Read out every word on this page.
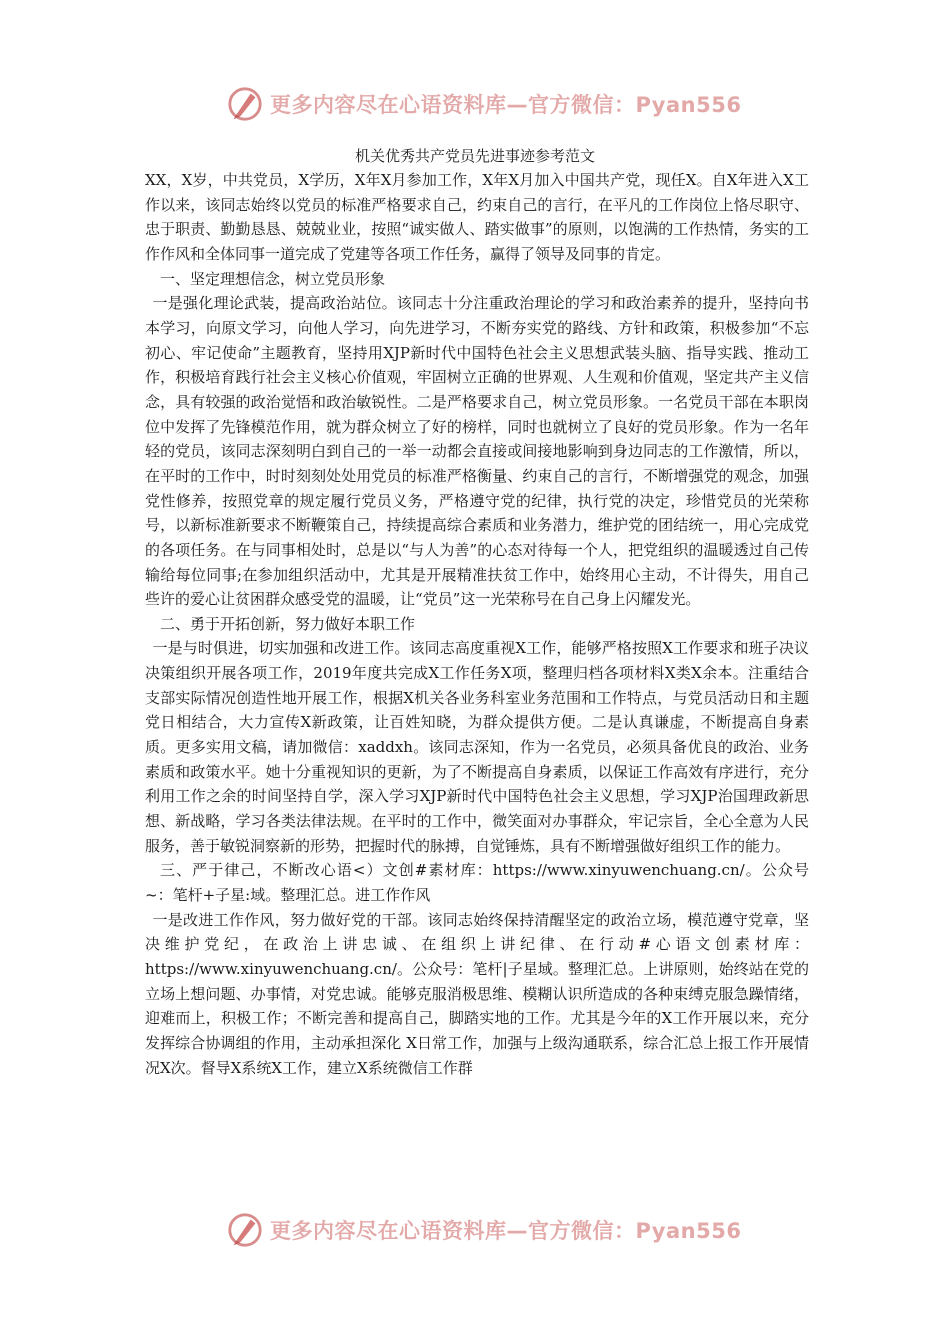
更多内容尽在心语资料库—官方微信：Pyan556
机关优秀共产党员先进事迹参考范文

XX，X岁，中共党员，X学历，X年X月参加工作，X年X月加入中国共产党，现任X。自X年进入X工作以来，该同志始终以党员的标准严格要求自己，约束自己的言行，在平凡的工作岗位上恪尽职守、忠于职责、勤勤恳恳、兢兢业业，按照“诚实做人、踏实做事”的原则，以饱满的工作热情，务实的工作作风和全体同事一道完成了党建等各项工作任务，赢得了领导及同事的肯定。

一、坚定理想信念，树立党员形象

一是强化理论武装，提高政治站位。该同志十分注重政治理论的学习和政治素养的提升，坚持向书本学习，向原文学习，向他人学习，向先进学习，不断夯实党的路线、方针和政策，积极参加“不忘初心、牢记使命”主题教育，坚持用XJP新时代中国特色社会主义思想武装头脑、指导实践、推动工作，积极培育践行社会主义核心价值观，牢固树立正确的世界观、人生观和价值观，坚定共产主义信念，具有较强的政治觉悟和政治敏锐性。二是严格要求自己，树立党员形象。一名党员干部在本职岗位中发挥了先锋模范作用，就为群众树立了好的榜样，同时也就树立了良好的党员形象。作为一名年轻的党员，该同志深刻明白到自己的一举一动都会直接或间接地影响到身边同志的工作激情，所以，在平时的工作中，时时刻刻处处用党员的标准严格衡量、约束自己的言行，不断增强党的观念，加强党性修养，按照党章的规定履行党员义务，严格遵守党的纪律，执行党的决定，珍惜党员的光荣称号，以新标准新要求不断鞭策自己，持续提高综合素质和业务潜力，维护党的团结统一，用心完成党的各项任务。在与同事相处时，总是以“与人为善”的心态对待每一个人，把党组织的温暖透过自己传输给每位同事;在参加组织活动中，尤其是开展精准扶贫工作中，始终用心主动，不计得失，用自己些许的爱心让贫困群众感受党的温暖，让“党员”这一光荣称号在自己身上闪耀发光。

二、勇于开拓创新，努力做好本职工作

一是与时俱进，切实加强和改进工作。该同志高度重视X工作，能够严格按照X工作要求和班子决议决策组织开展各项工作，2019年度共完成X工作任务X项，整理归档各项材料X类X余本。注重结合支部实际情况创造性地开展工作，根据X机关各业务科室业务范围和工作特点，与党员活动日和主题党日相结合，大力宣传X新政策，让百姓知晓，为群众提供方便。二是认真谦虚，不断提高自身素质。更多实用文稿，请加微信：xaddxh。该同志深知，作为一名党员，必须具备优良的政治、业务素质和政策水平。她十分重视知识的更新，为了不断提高自身素质，以保证工作高效有序进行，充分利用工作之余的时间坚持自学，深入学习XJP新时代中国特色社会主义思想，学习XJP治国理政新思想、新战略，学习各类法律法规。在平时的工作中，微笑面对办事群众，牢记宗旨，全心全意为人民服务，善于敏锐洞察新的形势，把握时代的脉搏，自觉锤炼，具有不断增强做好组织工作的能力。

三、严于律己，不断改心语<）文创#素材库：https://www.xinyuwenchuang.cn/。公众号~：笔杆+子星:域。整理汇总。进工作作风

一是改进工作作风，努力做好党的干部。该同志始终保持清醒坚定的政治立场，模范遵守党章，坚决维护党纪，在政治上讲忠诚、在组织上讲纪律、在行动#心语文创素材库：https://www.xinyuwenchuang.cn/。公众号：笔杆|子星域。整理汇总。上讲原则，始终站在党的立场上想问题、办事情，对党忠诚。能够克服消极思维、模糊认识所造成的各种束缚克服急躁情绪，迎难而上，积极工作；不断完善和提高自己，脚踏实地的工作。尤其是今年的X工作开展以来，充分发挥综合协调组的作用，主动承担深化 X日常工作，加强与上级沟通联系，综合汇总上报工作开展情况X次。督导X系统X工作，建立X系统微信工作群

更多内容尽在心语资料库—官方微信：Pyan556
